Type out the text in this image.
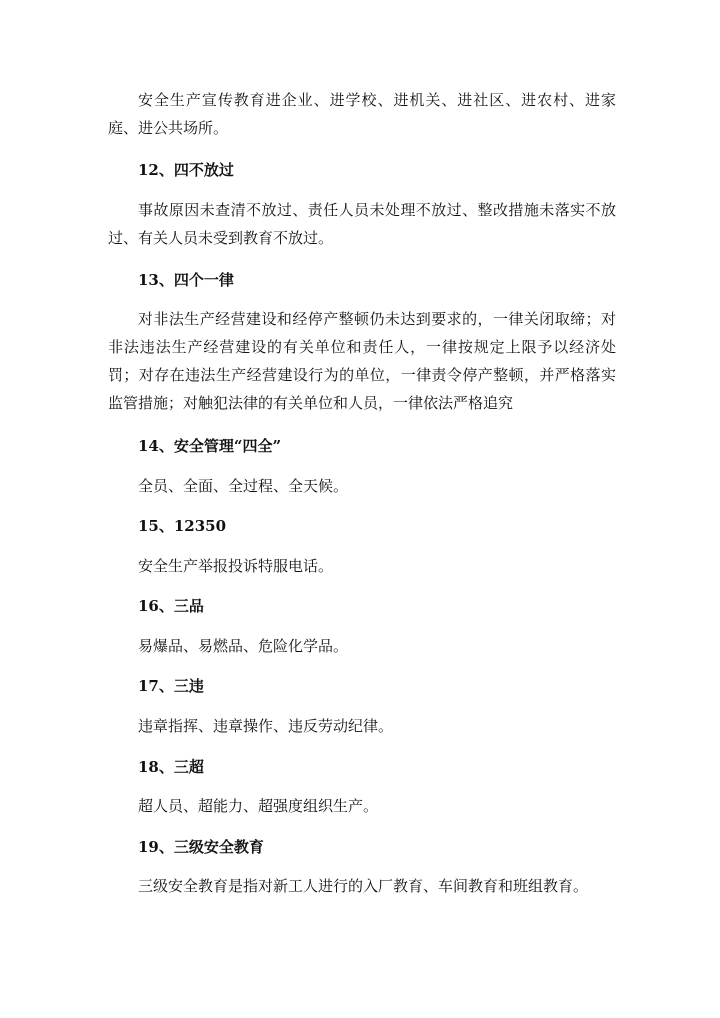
安全生产宣传教育进企业、进学校、进机关、进社区、进农村、进家庭、进公共场所。

12、四不放过

事故原因未查清不放过、责任人员未处理不放过、整改措施未落实不放过、有关人员未受到教育不放过。

13、四个一律

对非法生产经营建设和经停产整顿仍未达到要求的，一律关闭取缔；对非法违法生产经营建设的有关单位和责任人，一律按规定上限予以经济处罚；对存在违法生产经营建设行为的单位，一律责令停产整顿，并严格落实监管措施；对触犯法律的有关单位和人员，一律依法严格追究

14、安全管理“四全”

全员、全面、全过程、全天候。

15、12350

安全生产举报投诉特服电话。

16、三品

易爆品、易燃品、危险化学品。

17、三违

违章指挥、违章操作、违反劳动纪律。

18、三超

超人员、超能力、超强度组织生产。

19、三级安全教育

三级安全教育是指对新工人进行的入厂教育、车间教育和班组教育。
